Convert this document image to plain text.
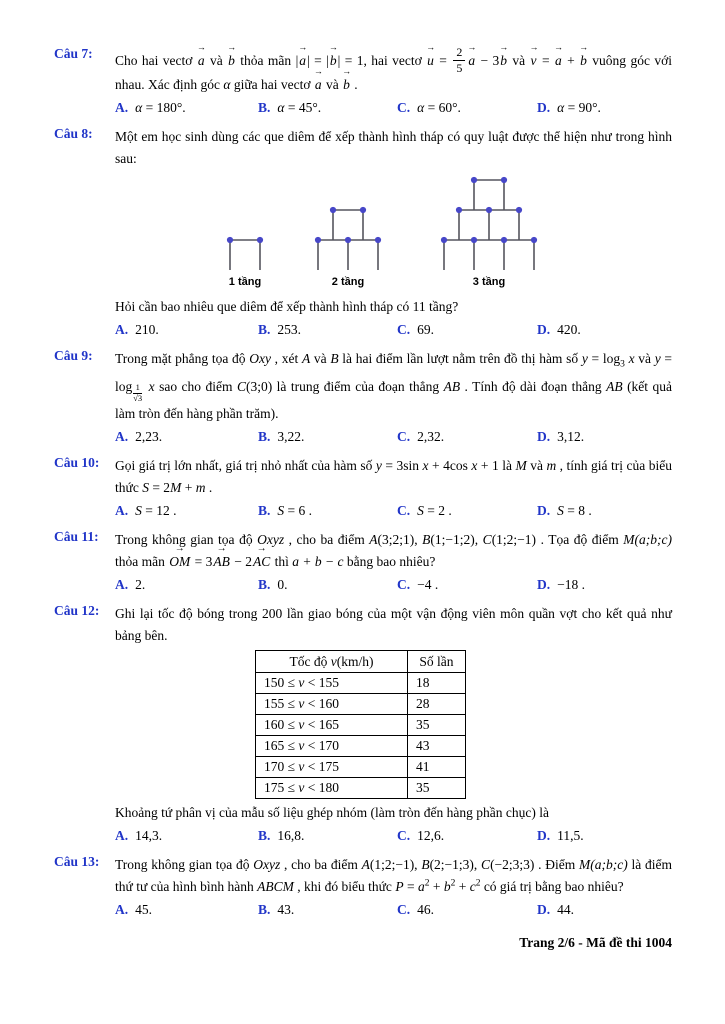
Câu 7: Cho hai vectơ a → và b → thỏa mãn |a →| = |b →| = 1, hai vectơ u → = $\frac{2}{5}$ a → − 3b → và v → = a → + b → vuông góc với nhau. Xác định góc α giữa hai vectơ a → và b → .

A. α = 180°.	B. α = 45°.	C. α = 60°.	D. α = 90°.
Câu 8: Một em học sinh dùng các que diêm để xếp thành hình tháp có quy luật được thể hiện như trong hình sau:

1 tầng	2 tầng	3 tầng

Hỏi cần bao nhiêu que diêm để xếp thành hình tháp có 11 tầng?

A. 210.	B. 253.	C. 69.	D. 420.
Câu 9: Trong mặt phẳng tọa độ Oxy , xét A và B là hai điểm lần lượt nằm trên đồ thị hàm số $y = \log_3 x$ và $y = \log \frac{1}{√3}$ x sao cho điểm C(3;0) là trung điểm của đoạn thẳng AB . Tính độ dài đoạn thẳng AB (kết quả làm tròn đến hàng phần trăm).

A. 2,23.	B. 3,22.	C. 2,32.	D. 3,12.
Câu 10: Gọi giá trị lớn nhất, giá trị nhỏ nhất của hàm số y = 3sin x + 4cos x + 1 là M và m , tính giá trị của biểu thức S = 2M + m .

A. S = 12 .	B. S = 6 .	C. S = 2 .	D. S = 8 .
Câu 11: Trong không gian tọa độ Oxyz , cho ba điểm A(3;2;1), B(1;−1;2), C(1;2;−1) . Tọa độ điểm M(a;b;c) thỏa mãn OM → = 3AB → − 2AC → thì a + b − c bằng bao nhiêu?

A. 2.	B. 0.	C. −4 .	D. −18 .
Câu 12: Ghi lại tốc độ bóng trong 200 lần giao bóng của một vận động viên môn quần vợt cho kết quả như bảng bên.

Tốc độ v(km/h)	Số lần
150 ≤ v < 155	18
155 ≤ v < 160	28
160 ≤ v < 165	35
165 ≤ v < 170	43
170 ≤ v < 175	41
175 ≤ v < 180	35

Khoảng tứ phân vị của mẫu số liệu ghép nhóm (làm tròn đến hàng phần chục) là

A. 14,3.	B. 16,8.	C. 12,6.	D. 11,5.
Câu 13: Trong không gian tọa độ Oxyz , cho ba điểm A(1;2;−1), B(2;−1;3), C(−2;3;3) . Điểm M(a;b;c) là điểm thứ tư của hình bình hành ABCM , khi đó biểu thức $P = a^2 + b^2 + c^2$ có giá trị bằng bao nhiêu?

A. 45.	B. 43.	C. 46.	D. 44.
Trang 2/6 - Mã đề thi 1004
